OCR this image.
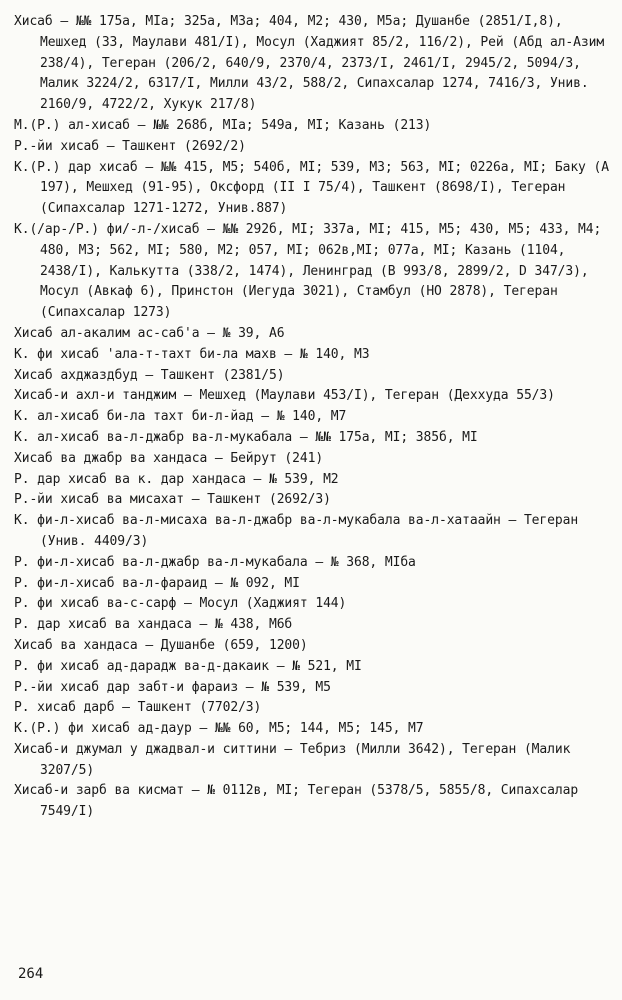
Хисаб – №№ 175а, МIа; 325а, М3а; 404, М2; 430, М5а; Душанбе (2851/I,8), Мешхед (33, Маулави 481/I), Мосул (Хаджият 85/2, 116/2), Рей (Абд ал-Азим 238/4), Тегеран (206/2, 640/9, 2370/4, 2373/I, 2461/I, 2945/2, 5094/3, Малик 3224/2, 6317/I, Милли 43/2, 588/2, Сипахсалар 1274, 7416/3, Унив. 2160/9, 4722/2, Хукук 217/8)
М.(Р.) ал-хисаб – №№ 268б, МIа; 549а, МI; Казань (213)
Р.-йи хисаб – Ташкент (2692/2)
К.(Р.) дар хисаб – №№ 415, М5; 540б, МI; 539, М3; 563, МI; 0226а, МI; Баку (А 197), Мешхед (91-95), Оксфорд (II I 75/4), Ташкент (8698/I), Тегеран (Сипахсалар 1271-1272, Унив.887)
К.(/ар-/Р.) фи/-л-/хисаб – №№ 292б, МI; 337а, МI; 415, М5; 430, М5; 433, М4; 480, М3; 562, МI; 580, М2; 057, МI; 062в,МI; 077а, МI; Казань (1104, 2438/I), Калькутта (338/2, 1474), Ленинград (В 993/8, 2899/2, D 347/3), Мосул (Авкаф 6), Принстон (Иегуда 3021), Стамбул (НО 2878), Тегеран (Сипахсалар 1273)
Хисаб ал-акалим ас-саб'а – № 39, А6
К. фи хисаб 'ала-т-тахт би-ла махв – № 140, М3
Хисаб ахджаздбуд – Ташкент (2381/5)
Хисаб-и ахл-и танджим – Мешхед (Маулави 453/I), Тегеран (Деххуда 55/3)
К. ал-хисаб би-ла тахт би-л-йад – № 140, М7
К. ал-хисаб ва-л-джабр ва-л-мукабала – №№ 175а, МI; 385б, МI
Хисаб ва джабр ва хандаса – Бейрут (241)
Р. дар хисаб ва к. дар хандаса – № 539, М2
Р.-йи хисаб ва мисахат – Ташкент (2692/3)
К. фи-л-хисаб ва-л-мисаха ва-л-джабр ва-л-мукабала ва-л-хатаайн – Тегеран (Унив. 4409/3)
Р. фи-л-хисаб ва-л-джабр ва-л-мукабала – № 368, МIба
Р. фи-л-хисаб ва-л-фараид – № 092, МI
Р. фи хисаб ва-с-сарф – Мосул (Хаджият 144)
Р. дар хисаб ва хандаса – № 438, М6б
Хисаб ва хандаса – Душанбе (659, 1200)
Р. фи хисаб ад-дарадж ва-д-дакаик – № 521, МI
Р.-йи хисаб дар забт-и фараиз – № 539, М5
Р. хисаб дарб – Ташкент (7702/3)
К.(Р.) фи хисаб ад-даур – №№ 60, М5; 144, М5; 145, М7
Хисаб-и джумал у джадвал-и ситтини – Тебриз (Милли 3642), Тегеран (Малик 3207/5)
Хисаб-и зарб ва кисмат – № 0112в, МI; Тегеран (5378/5, 5855/8, Сипахсалар 7549/I)
264
